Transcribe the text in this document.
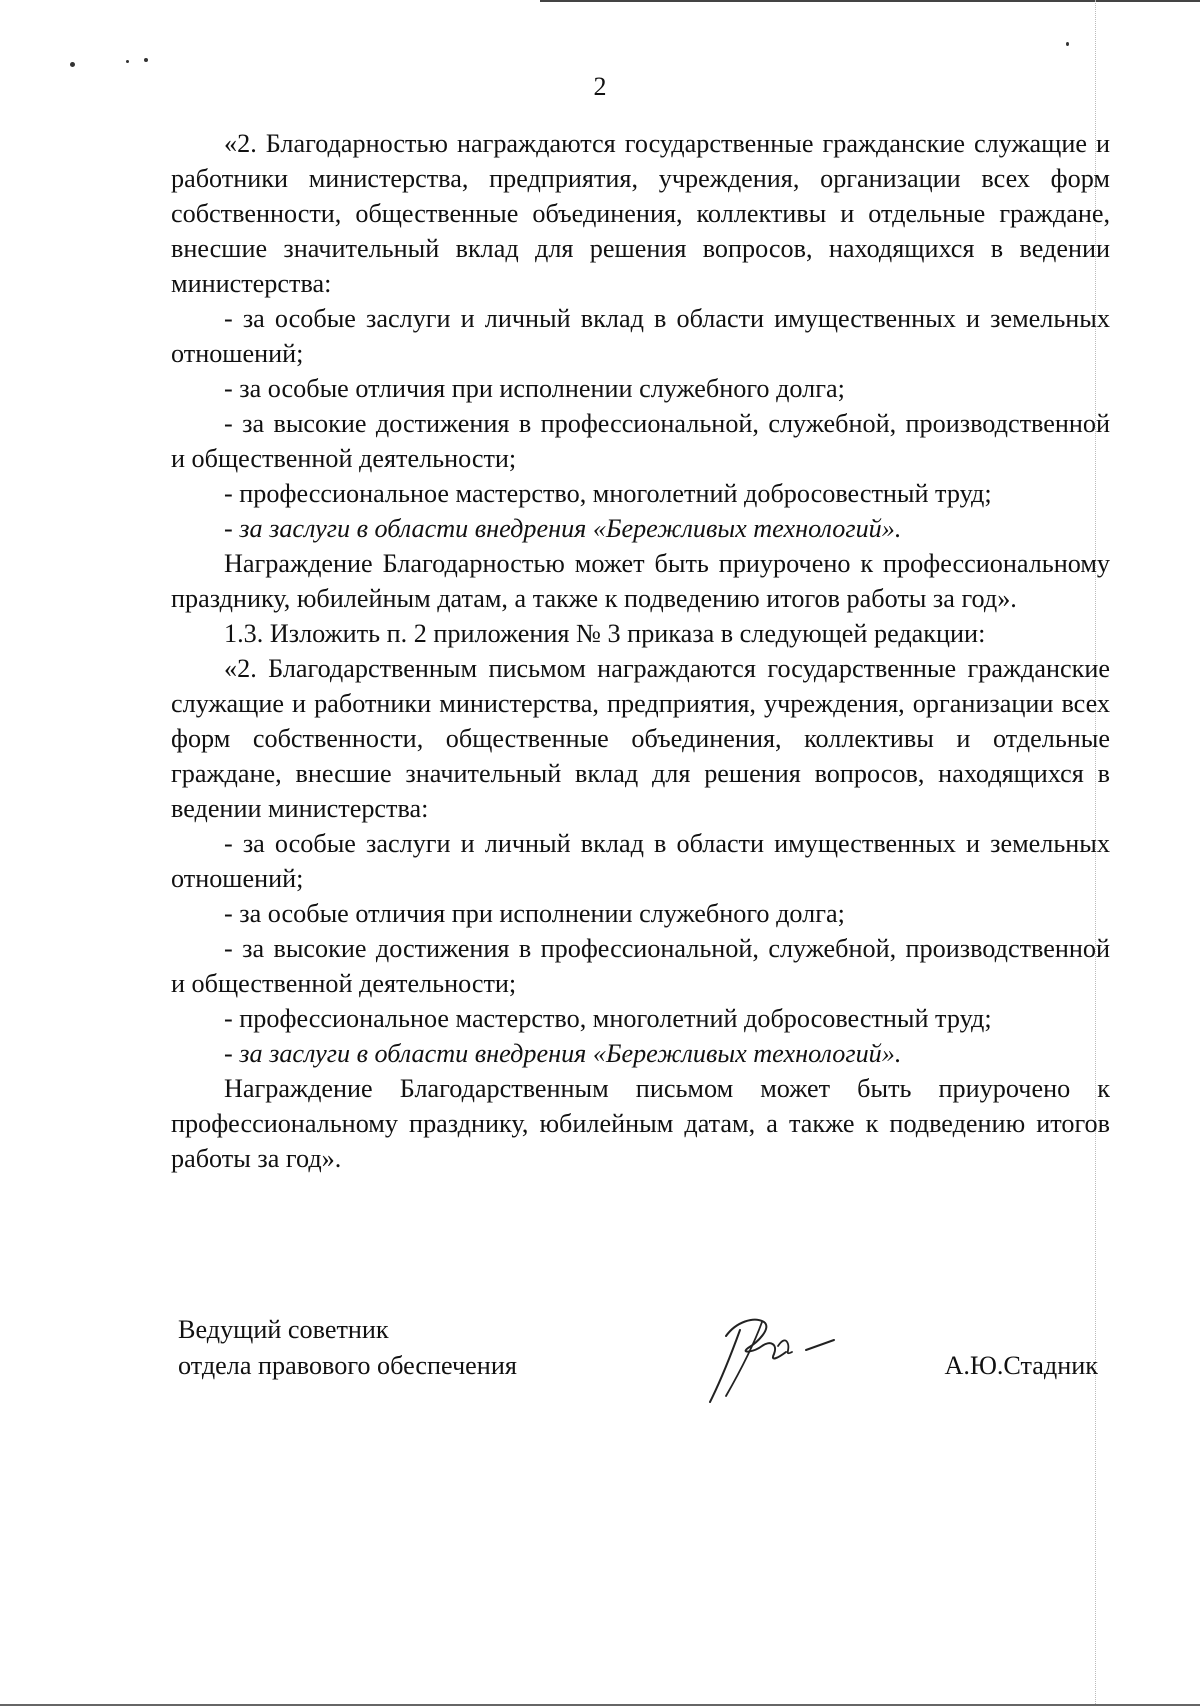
2

«2. Благодарностью награждаются государственные гражданские служащие и работники министерства, предприятия, учреждения, организации всех форм собственности, общественные объединения, коллективы и отдельные граждане, внесшие значительный вклад для решения вопросов, находящихся в ведении министерства:

- за особые заслуги и личный вклад в области имущественных и земельных отношений;

- за особые отличия при исполнении служебного долга;

- за высокие достижения в профессиональной, служебной, производственной и общественной деятельности;

- профессиональное мастерство, многолетний добросовестный труд;

- за заслуги в области внедрения «Бережливых технологий».

Награждение Благодарностью может быть приурочено к профессиональному празднику, юбилейным датам, а также к подведению итогов работы за год».

1.3. Изложить п. 2 приложения № 3 приказа в следующей редакции:

«2. Благодарственным письмом награждаются государственные гражданские служащие и работники министерства, предприятия, учреждения, организации всех форм собственности, общественные объединения, коллективы и отдельные граждане, внесшие значительный вклад для решения вопросов, находящихся в ведении министерства:

- за особые заслуги и личный вклад в области имущественных и земельных отношений;

- за особые отличия при исполнении служебного долга;

- за высокие достижения в профессиональной, служебной, производственной и общественной деятельности;

- профессиональное мастерство, многолетний добросовестный труд;

- за заслуги в области внедрения «Бережливых технологий».

Награждение Благодарственным письмом может быть приурочено к профессиональному празднику, юбилейным датам, а также к подведению итогов работы за год».

Ведущий советник
отдела правового обеспечения	А.Ю.Стадник
